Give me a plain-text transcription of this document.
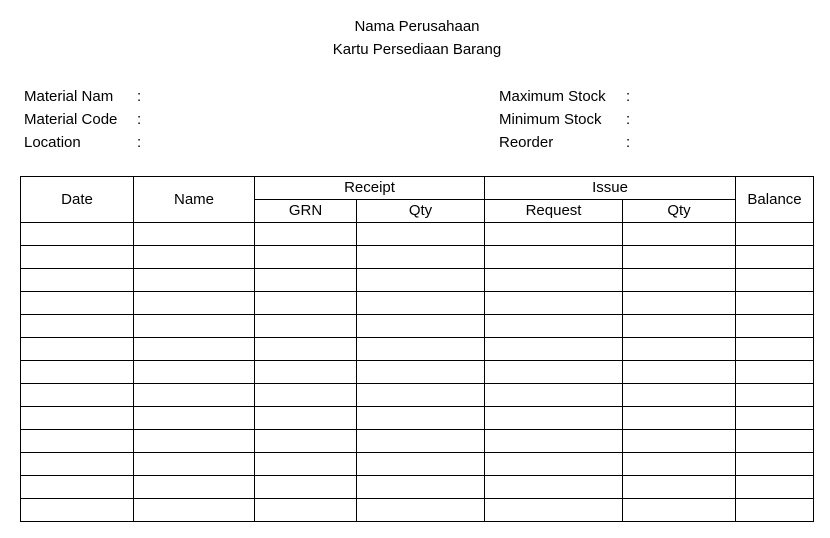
Nama Perusahaan
Kartu Persediaan Barang
Material Nam :
Material Code :
Location	:
Maximum Stock :
Minimum Stock :
Reorder	:
Date	Name	Receipt		Issue		Balance
		GRN	Qty	Request	Qty	
